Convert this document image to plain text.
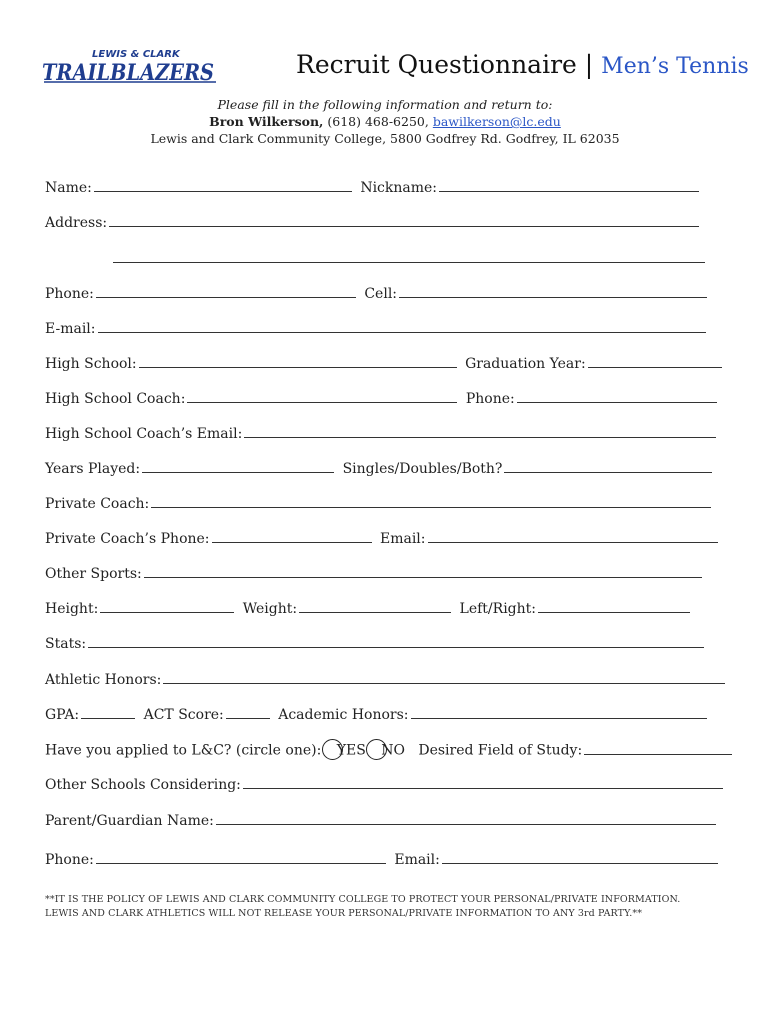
LEWIS & CLARK
TRAILBLAZERS	Recruit Questionnaire | Men’s Tennis
Please fill in the following information and return to:
Bron Wilkerson, (618) 468-6250, bawilkerson@lc.edu
Lewis and Clark Community College, 5800 Godfrey Rd. Godfrey, IL 62035
Name:	Nickname:
Address:
Phone:	Cell:
E-mail:
High School:	Graduation Year:
High School Coach:	Phone:
High School Coach’s Email:
Years Played:	Singles/Doubles/Both?
Private Coach:
Private Coach’s Phone:	Email:
Other Sports:
Height:	Weight:	Left/Right:
Stats:
Athletic Honors:
GPA:	ACT Score:	Academic Honors:
Have you applied to L&C? (circle one): YES NO Desired Field of Study:
Other Schools Considering:
Parent/Guardian Name:
Phone:	Email:
**IT IS THE POLICY OF LEWIS AND CLARK COMMUNITY COLLEGE TO PROTECT YOUR PERSONAL/PRIVATE INFORMATION.
LEWIS AND CLARK ATHLETICS WILL NOT RELEASE YOUR PERSONAL/PRIVATE INFORMATION TO ANY 3rd PARTY.**
